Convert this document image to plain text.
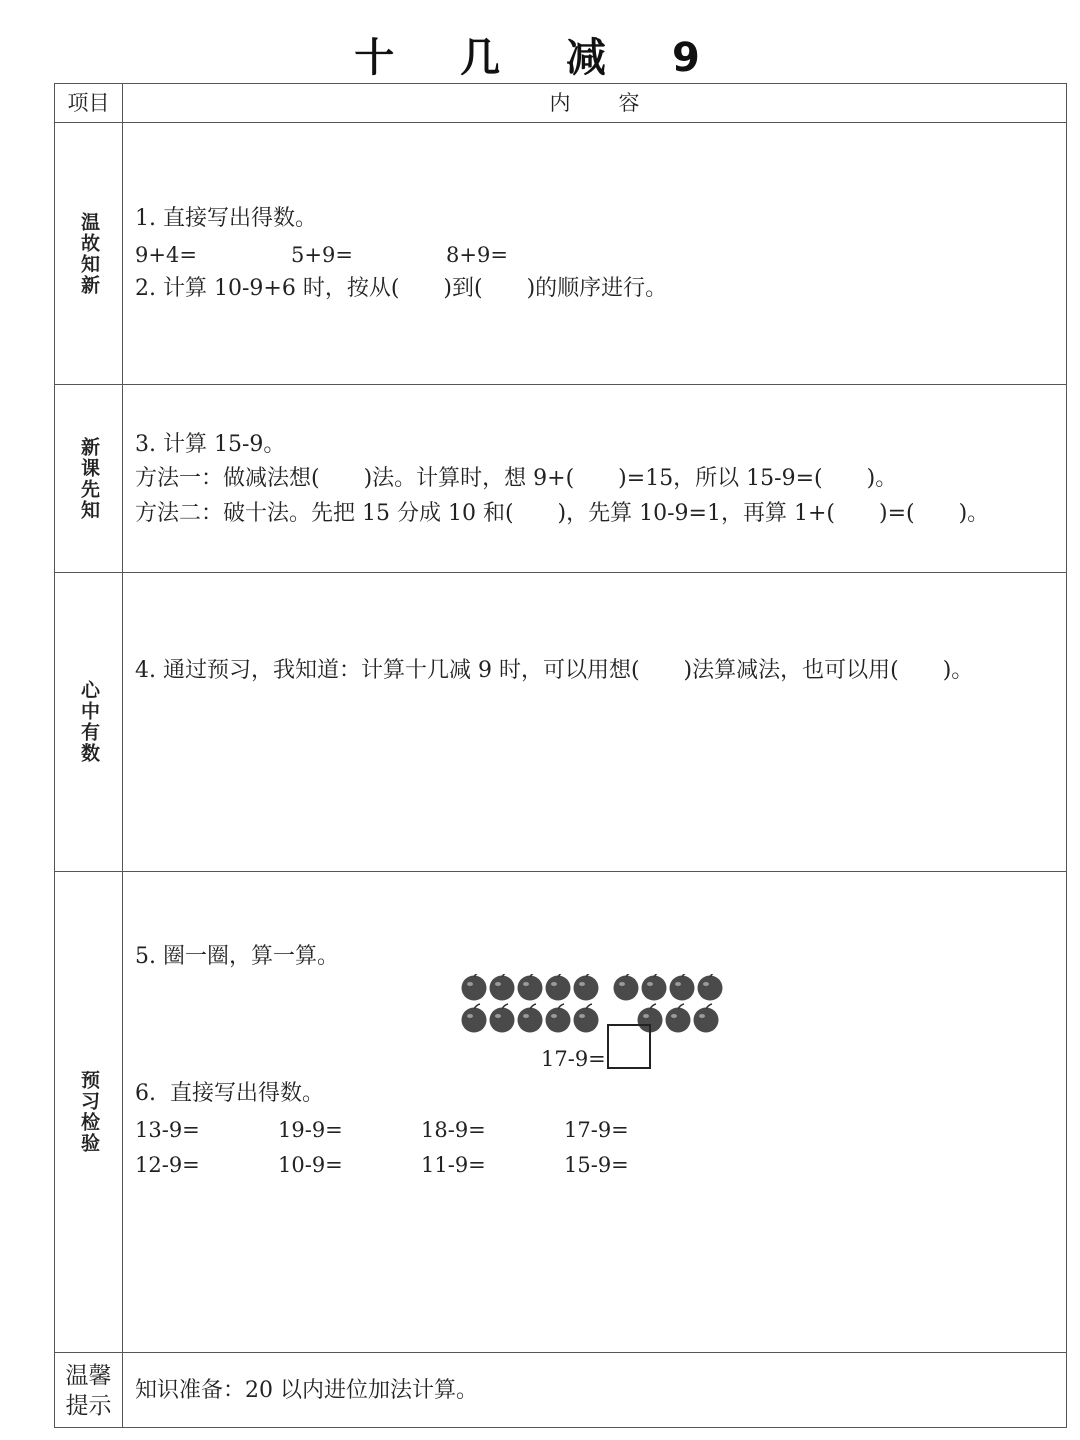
十 几 减 9
项目	内容
温故知新 1. 直接写出得数。
9+4=	5+9=	8+9=
2. 计算 10-9+6 时，按从(　　)到(　　)的顺序进行。
新课先知 3. 计算 15-9。
方法一：做减法想(　　)法。计算时，想 9+(　　)=15，所以 15-9=(　　)。
方法二：破十法。先把 15 分成 10 和(　　)，先算 10-9=1，再算 1+(　　)=(　　)。
心中有数
4. 通过预习，我知道：计算十几减 9 时，可以用想(　　)法算减法，也可以用(　　)。
预习检验
5. 圈一圈，算一算。
17-9=
6.  直接写出得数。
13-9=	19-9=	18-9=	17-9=
12-9=	10-9=	11-9=	15-9=
温馨提示
知识准备：20 以内进位加法计算。
